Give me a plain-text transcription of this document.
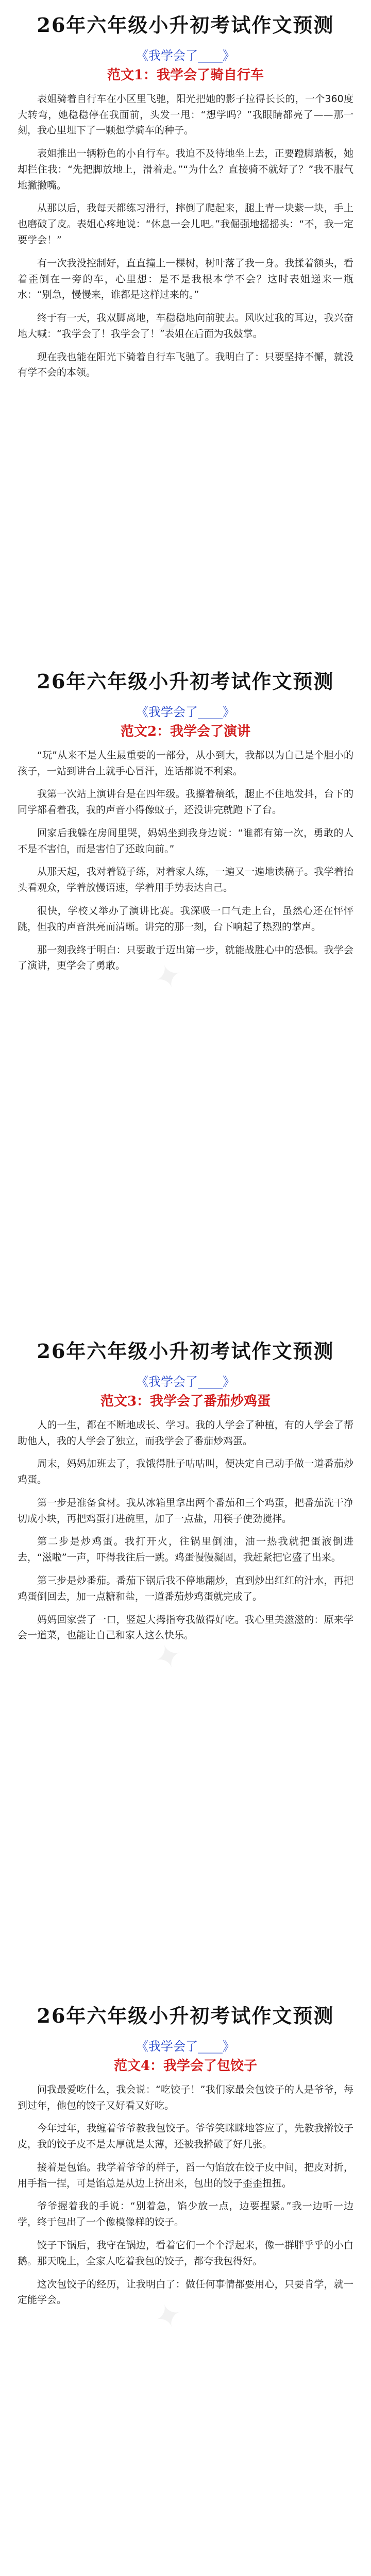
✦
✦
✦
✦
26年六年级小升初考试作文预测
《我学会了____》
范文1：我学会了骑自行车

表姐骑着自行车在小区里飞驰，阳光把她的影子拉得长长的，一个360度大转弯，她稳稳停在我面前，头发一甩：“想学吗？”我眼睛都亮了——那一刻，我心里埋下了一颗想学骑车的种子。

表姐推出一辆粉色的小自行车。我迫不及待地坐上去，正要蹬脚踏板，她却拦住我：“先把脚放地上，滑着走。”“为什么？直接骑不就好了？”我不服气地撇撇嘴。

从那以后，我每天都练习滑行，摔倒了爬起来，腿上青一块紫一块，手上也磨破了皮。表姐心疼地说：“休息一会儿吧。”我倔强地摇摇头：“不，我一定要学会！”

有一次我没控制好，直直撞上一棵树，树叶落了我一身。我揉着额头，看着歪倒在一旁的车，心里想：是不是我根本学不会？这时表姐递来一瓶水：“别急，慢慢来，谁都是这样过来的。”

终于有一天，我双脚离地，车稳稳地向前驶去。风吹过我的耳边，我兴奋地大喊：“我学会了！我学会了！”表姐在后面为我鼓掌。

现在我也能在阳光下骑着自行车飞驰了。我明白了：只要坚持不懈，就没有学不会的本领。

26年六年级小升初考试作文预测
《我学会了____》
范文2：我学会了演讲

“玩”从来不是人生最重要的一部分，从小到大，我都以为自己是个胆小的孩子，一站到讲台上就手心冒汗，连话都说不利索。

我第一次站上演讲台是在四年级。我攥着稿纸，腿止不住地发抖，台下的同学都看着我，我的声音小得像蚊子，还没讲完就跑下了台。

回家后我躲在房间里哭，妈妈坐到我身边说：“谁都有第一次，勇敢的人不是不害怕，而是害怕了还敢向前。”

从那天起，我对着镜子练，对着家人练，一遍又一遍地读稿子。我学着抬头看观众，学着放慢语速，学着用手势表达自己。

很快，学校又举办了演讲比赛。我深吸一口气走上台，虽然心还在怦怦跳，但我的声音洪亮而清晰。讲完的那一刻，台下响起了热烈的掌声。

那一刻我终于明白：只要敢于迈出第一步，就能战胜心中的恐惧。我学会了演讲，更学会了勇敢。

26年六年级小升初考试作文预测
《我学会了____》
范文3：我学会了番茄炒鸡蛋

人的一生，都在不断地成长、学习。我的人学会了种植，有的人学会了帮助他人，我的人学会了独立，而我学会了番茄炒鸡蛋。

周末，妈妈加班去了，我饿得肚子咕咕叫，便决定自己动手做一道番茄炒鸡蛋。

第一步是准备食材。我从冰箱里拿出两个番茄和三个鸡蛋，把番茄洗干净切成小块，再把鸡蛋打进碗里，加了一点盐，用筷子使劲搅拌。

第二步是炒鸡蛋。我打开火，往锅里倒油，油一热我就把蛋液倒进去，“滋啦”一声，吓得我往后一跳。鸡蛋慢慢凝固，我赶紧把它盛了出来。

第三步是炒番茄。番茄下锅后我不停地翻炒，直到炒出红红的汁水，再把鸡蛋倒回去，加一点糖和盐，一道番茄炒鸡蛋就完成了。

妈妈回家尝了一口，竖起大拇指夸我做得好吃。我心里美滋滋的：原来学会一道菜，也能让自己和家人这么快乐。

26年六年级小升初考试作文预测
《我学会了____》
范文4：我学会了包饺子

问我最爱吃什么，我会说：“吃饺子！”我们家最会包饺子的人是爷爷，每到过年，他包的饺子又好看又好吃。

今年过年，我缠着爷爷教我包饺子。爷爷笑眯眯地答应了，先教我擀饺子皮，我的饺子皮不是太厚就是太薄，还被我擀破了好几张。

接着是包馅。我学着爷爷的样子，舀一勺馅放在饺子皮中间，把皮对折，用手指一捏，可是馅总是从边上挤出来，包出的饺子歪歪扭扭。

爷爷握着我的手说：“别着急，馅少放一点，边要捏紧。”我一边听一边学，终于包出了一个像模像样的饺子。

饺子下锅后，我守在锅边，看着它们一个个浮起来，像一群胖乎乎的小白鹅。那天晚上，全家人吃着我包的饺子，都夸我包得好。

这次包饺子的经历，让我明白了：做任何事情都要用心，只要肯学，就一定能学会。
